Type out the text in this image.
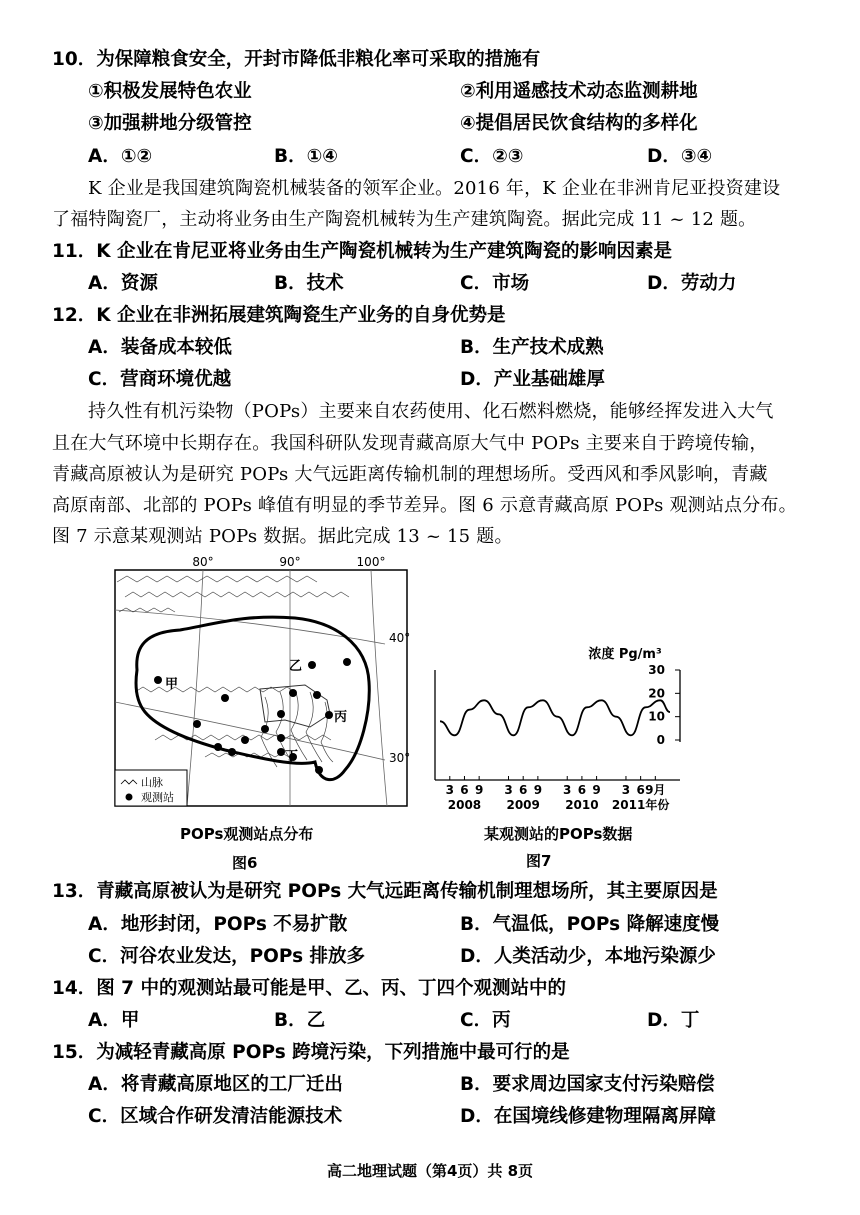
10．为保障粮食安全，开封市降低非粮化率可采取的措施有
①积极发展特色农业	②利用遥感技术动态监测耕地
③加强耕地分级管控	④提倡居民饮食结构的多样化
A．①②	B．①④	C．②③	D．③④
K 企业是我国建筑陶瓷机械装备的领军企业。2016 年，K 企业在非洲肯尼亚投资建设
了福特陶瓷厂，主动将业务由生产陶瓷机械转为生产建筑陶瓷。据此完成 11 ~ 12 题。
11．K 企业在肯尼亚将业务由生产陶瓷机械转为生产建筑陶瓷的影响因素是
A．资源	B．技术	C．市场	D．劳动力
12．K 企业在非洲拓展建筑陶瓷生产业务的自身优势是
A．装备成本较低	B．生产技术成熟
C．营商环境优越	D．产业基础雄厚
持久性有机污染物（POPs）主要来自农药使用、化石燃料燃烧，能够经挥发进入大气
且在大气环境中长期存在。我国科研队发现青藏高原大气中 POPs 主要来自于跨境传输，
青藏高原被认为是研究 POPs 大气远距离传输机制的理想场所。受西风和季风影响，青藏
高原南部、北部的 POPs 峰值有明显的季节差异。图 6 示意青藏高原 POPs 观测站点分布。
图 7 示意某观测站 POPs 数据。据此完成 13 ~ 15 题。
80°	90°	100°
40°
30°
甲
乙
丙
丁
山脉
观测站
POPs观测站点分布
图6
浓度 Pg/m³
0
10
20
30
3 6 9 3 6 9 3 6 9 3 6 9月
2008 2009 2010 2011年份
某观测站的POPs数据
图7
13．青藏高原被认为是研究 POPs 大气远距离传输机制理想场所，其主要原因是
A．地形封闭，POPs 不易扩散	B．气温低，POPs 降解速度慢
C．河谷农业发达，POPs 排放多	D．人类活动少，本地污染源少
14．图 7 中的观测站最可能是甲、乙、丙、丁四个观测站中的
A．甲	B．乙	C．丙	D．丁
15．为减轻青藏高原 POPs 跨境污染，下列措施中最可行的是
A．将青藏高原地区的工厂迁出	B．要求周边国家支付污染赔偿
C．区域合作研发清洁能源技术	D．在国境线修建物理隔离屏障
高二地理试题（第4页）共 8页
